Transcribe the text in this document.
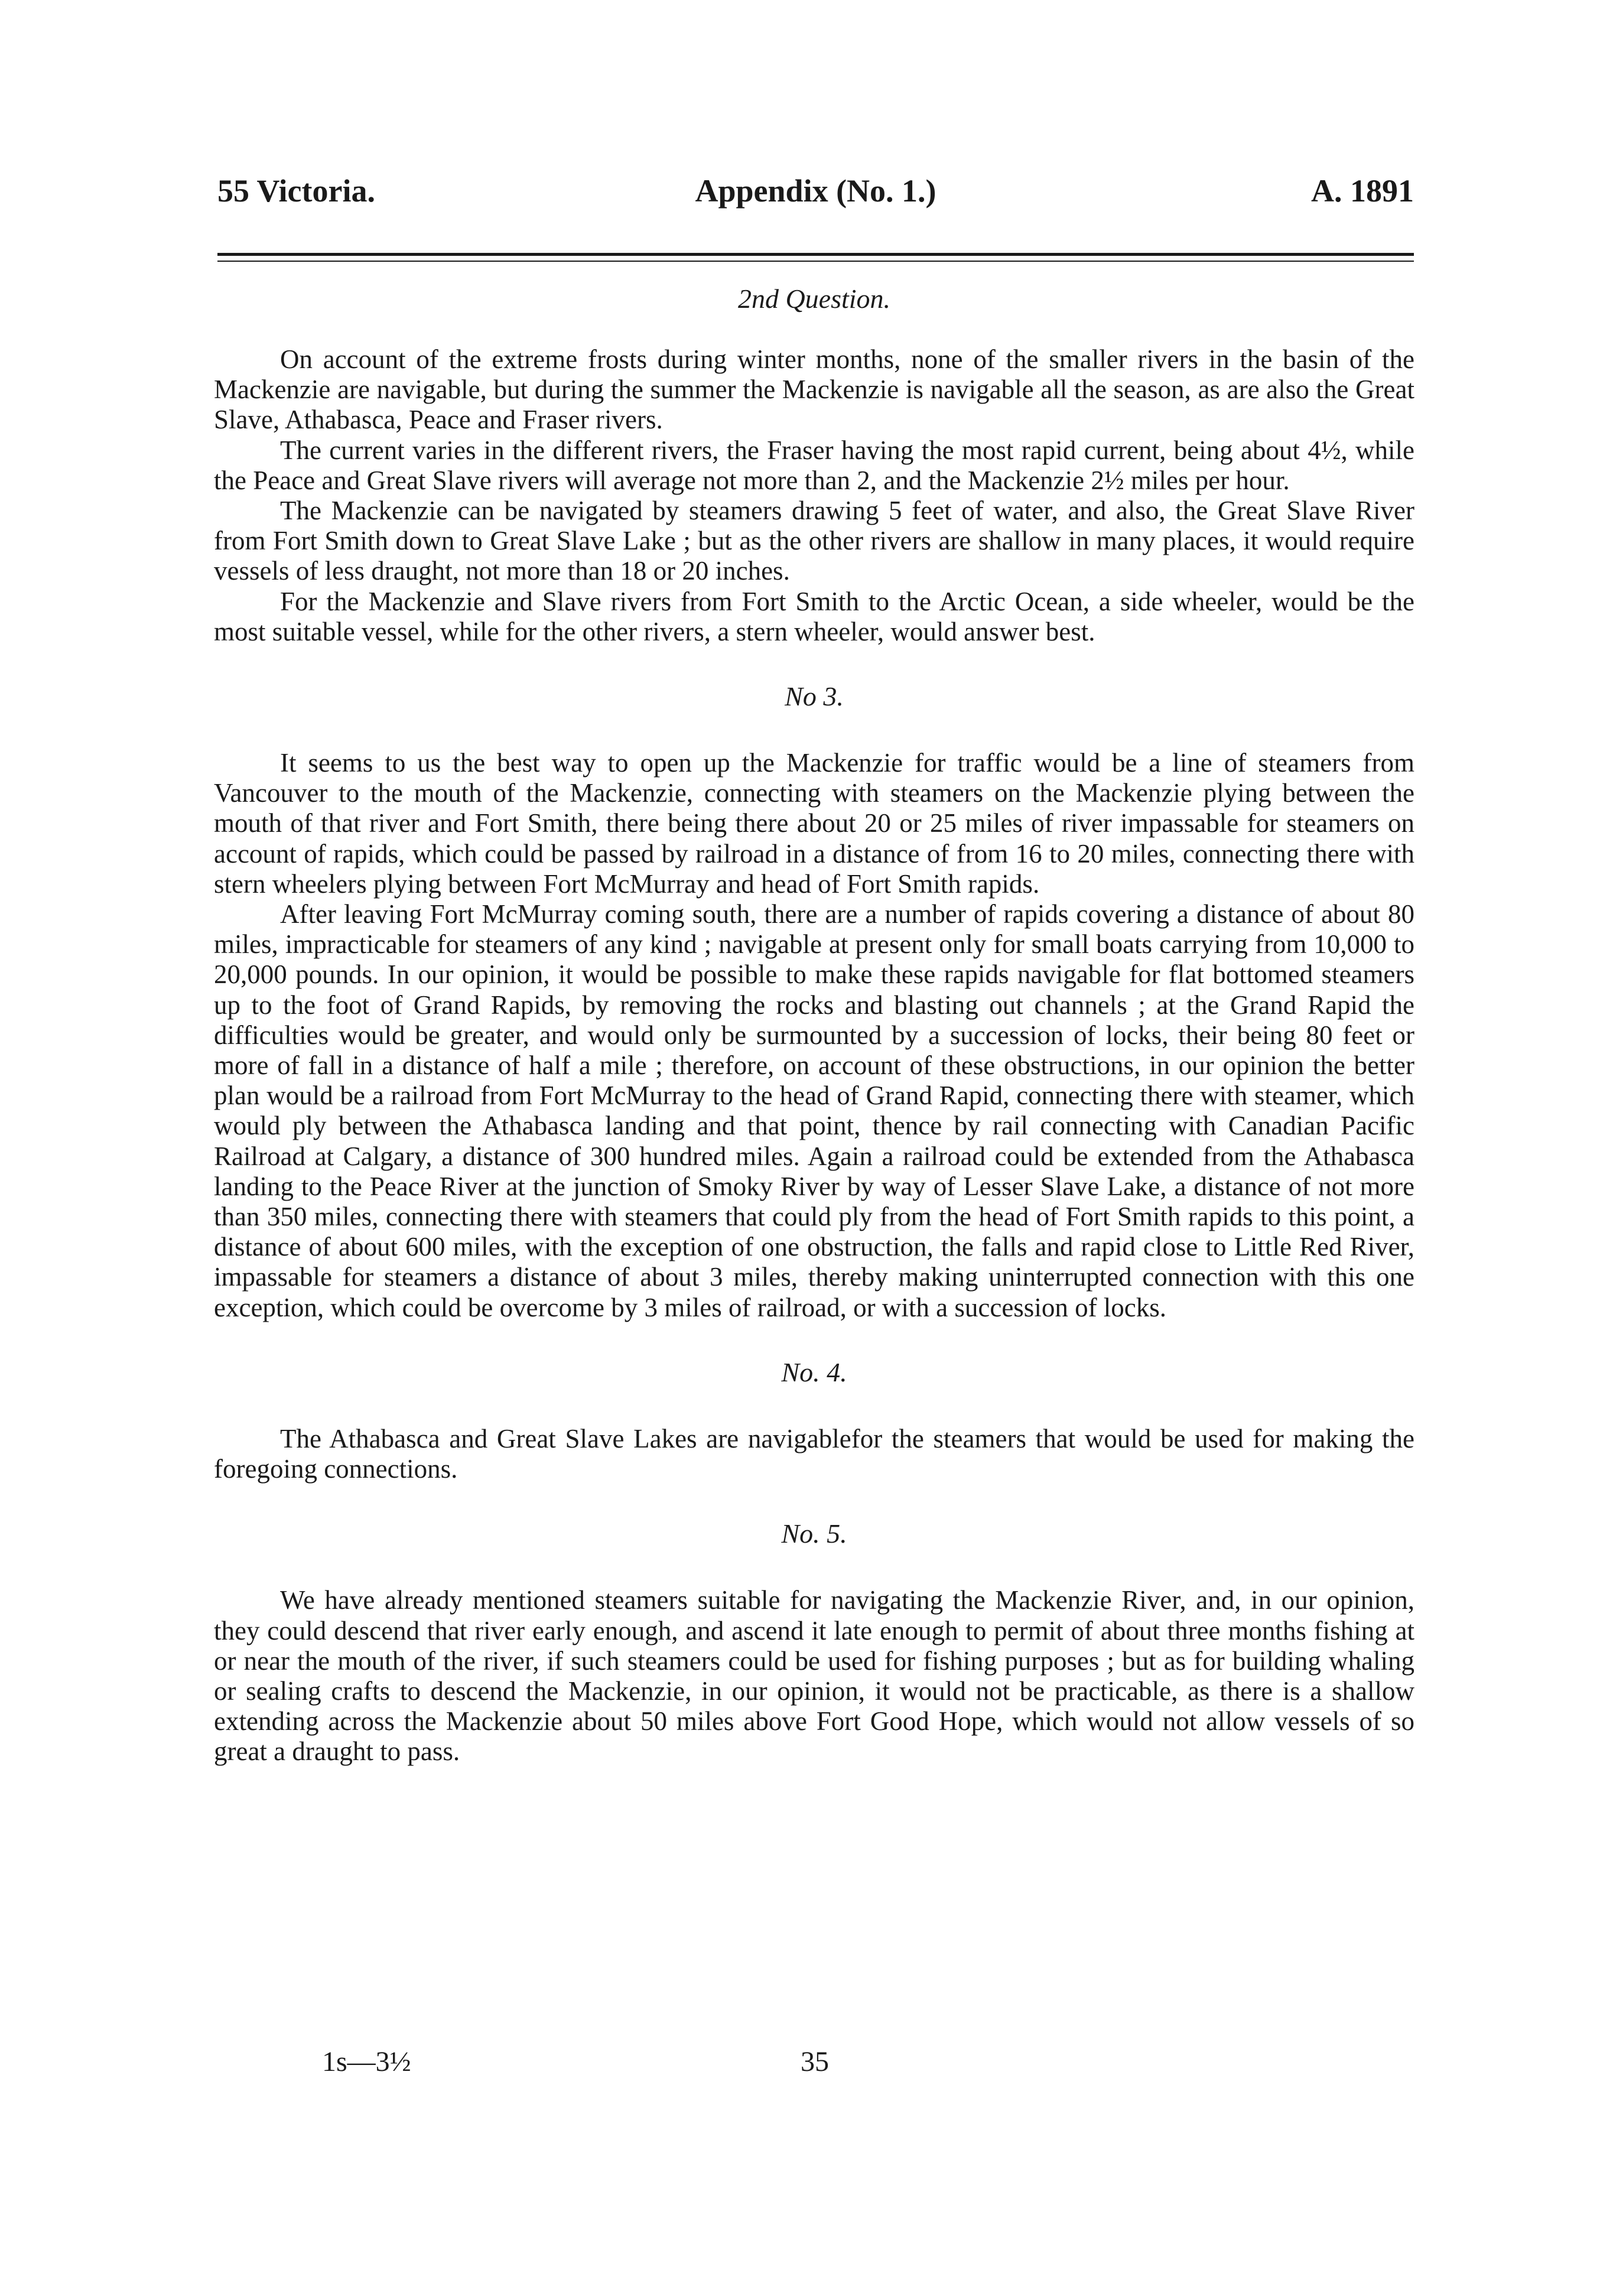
55 Victoria.	Appendix (No. 1.)	A. 1891
2nd Question.

On account of the extreme frosts during winter months, none of the smaller rivers in the basin of the Mackenzie are navigable, but during the summer the Mackenzie is navigable all the season, as are also the Great Slave, Athabasca, Peace and Fraser rivers.

The current varies in the different rivers, the Fraser having the most rapid current, being about 4½, while the Peace and Great Slave rivers will average not more than 2, and the Mackenzie 2½ miles per hour.

The Mackenzie can be navigated by steamers drawing 5 feet of water, and also, the Great Slave River from Fort Smith down to Great Slave Lake ; but as the other rivers are shallow in many places, it would require vessels of less draught, not more than 18 or 20 inches.

For the Mackenzie and Slave rivers from Fort Smith to the Arctic Ocean, a side wheeler, would be the most suitable vessel, while for the other rivers, a stern wheeler, would answer best.

No 3.

It seems to us the best way to open up the Mackenzie for traffic would be a line of steamers from Vancouver to the mouth of the Mackenzie, connecting with steamers on the Mackenzie plying between the mouth of that river and Fort Smith, there being there about 20 or 25 miles of river impassable for steamers on account of rapids, which could be passed by railroad in a distance of from 16 to 20 miles, connecting there with stern wheelers plying between Fort McMurray and head of Fort Smith rapids.

After leaving Fort McMurray coming south, there are a number of rapids covering a distance of about 80 miles, impracticable for steamers of any kind ; navigable at present only for small boats carrying from 10,000 to 20,000 pounds. In our opinion, it would be possible to make these rapids navigable for flat bottomed steamers up to the foot of Grand Rapids, by removing the rocks and blasting out channels ; at the Grand Rapid the difficulties would be greater, and would only be surmounted by a succession of locks, their being 80 feet or more of fall in a distance of half a mile ; therefore, on account of these obstructions, in our opinion the better plan would be a railroad from Fort McMurray to the head of Grand Rapid, connecting there with steamer, which would ply between the Athabasca landing and that point, thence by rail connecting with Canadian Pacific Railroad at Calgary, a distance of 300 hundred miles. Again a railroad could be extended from the Athabasca landing to the Peace River at the junction of Smoky River by way of Lesser Slave Lake, a distance of not more than 350 miles, connecting there with steamers that could ply from the head of Fort Smith rapids to this point, a distance of about 600 miles, with the exception of one obstruction, the falls and rapid close to Little Red River, impassable for steamers a distance of about 3 miles, thereby making uninterrupted connection with this one exception, which could be overcome by 3 miles of railroad, or with a succession of locks.

No. 4.

The Athabasca and Great Slave Lakes are navigablefor the steamers that would be used for making the foregoing connections.

No. 5.

We have already mentioned steamers suitable for navigating the Mackenzie River, and, in our opinion, they could descend that river early enough, and ascend it late enough to permit of about three months fishing at or near the mouth of the river, if such steamers could be used for fishing purposes ; but as for building whaling or sealing crafts to descend the Mackenzie, in our opinion, it would not be practicable, as there is a shallow extending across the Mackenzie about 50 miles above Fort Good Hope, which would not allow vessels of so great a draught to pass.

1s—3½	35
